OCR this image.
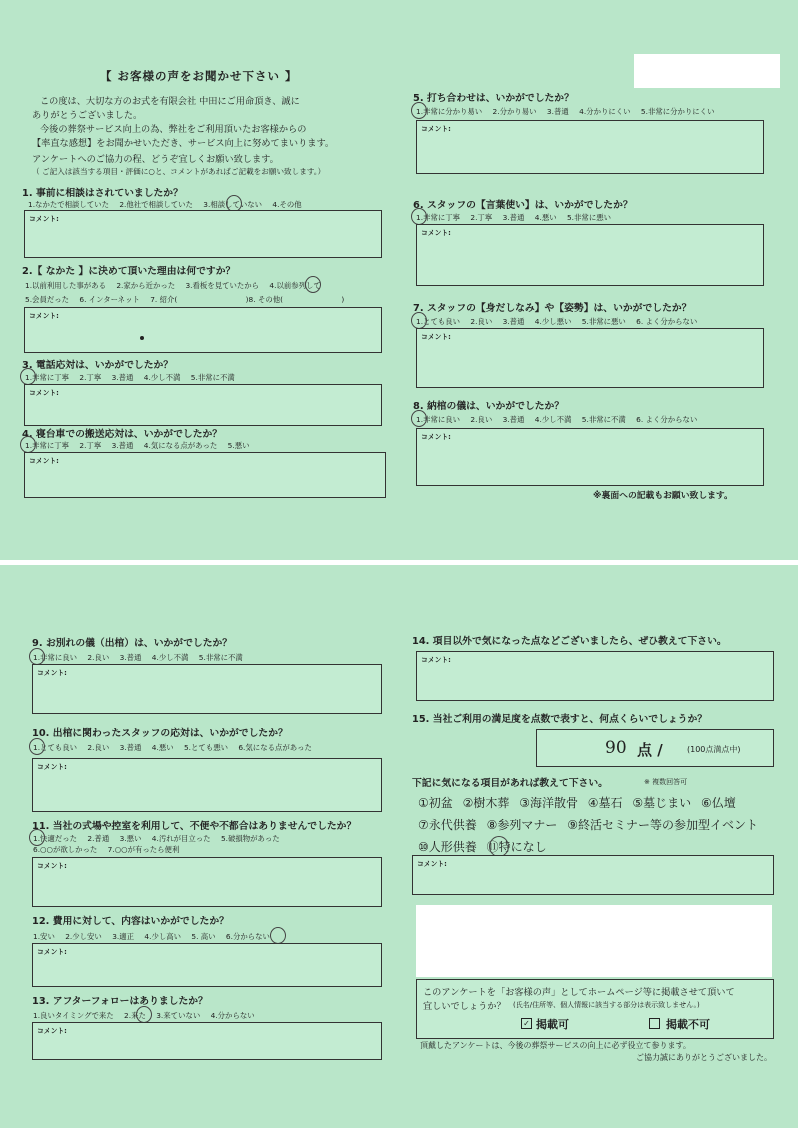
【 お客様の声をお聞かせ下さい 】
この度は、大切な方のお式を有限会社 中田にご用命頂き、誠に
ありがとうございました。
今後の葬祭サービス向上の為、弊社をご利用頂いたお客様からの
【率直な感想】をお聞かせいただき、サービス向上に努めてまいります。
アンケートへのご協力の程、どうぞ宜しくお願い致します。
（ ご記入は該当する項目・評価に○と、コメントがあればご記載をお願い致します。）
1. 事前に相談はされていましたか？
1.なかたで相談していた 2.他社で相談していた 3.相談していない 4.その他
コメント:
2.【 なかた 】に決めて頂いた理由は何ですか？
1.以前利用した事がある 2.家から近かった 3.看板を見ていたから 4.以前参列して
5.会員だった 6. インターネット 7. 紹介(	)8. その他(	)
コメント:
3. 電話応対は、いかがでしたか？
1.非常に丁寧 2.丁寧 3.普通 4.少し不満 5.非常に不満
コメント:
4. 寝台車での搬送応対は、いかがでしたか？
1.非常に丁寧 2.丁寧 3.普通 4.気になる点があった 5.悪い
コメント:
5. 打ち合わせは、いかがでしたか？
1.非常に分かり易い 2.分かり易い 3.普通 4.分かりにくい 5.非常に分かりにくい
コメント:
6. スタッフの【言葉使い】は、いかがでしたか？
1.非常に丁寧 2.丁寧 3.普通 4.悪い 5.非常に悪い
コメント:
7. スタッフの【身だしなみ】や【姿勢】は、いかがでしたか？
1.とても良い 2.良い 3.普通 4.少し悪い 5.非常に悪い 6. よく分からない
コメント:
8. 納棺の儀は、いかがでしたか？
1.非常に良い 2.良い 3.普通 4.少し不満 5.非常に不満 6. よく分からない
コメント:
※裏面への記載もお願い致します。
9. お別れの儀（出棺）は、いかがでしたか？
1.非常に良い 2.良い 3.普通 4.少し不満 5.非常に不満
コメント:
10. 出棺に関わったスタッフの応対は、いかがでしたか？
1.とても良い 2.良い 3.普通 4.悪い 5.とても悪い 6.気になる点があった
コメント:
11. 当社の式場や控室を利用して、不便や不都合はありませんでしたか？
1.快適だった 2.普通 3.悪い 4.汚れが目立った 5.破損物があった
6.○○が欲しかった 7.○○が有ったら便利
コメント:
12. 費用に対して、内容はいかがでしたか？
1.安い 2.少し安い 3.適正 4.少し高い 5. 高い 6.分からない
コメント:
13. アフターフォローはありましたか？
1.良いタイミングで来た 2.来た 3.来ていない 4.分からない
コメント:
14. 項目以外で気になった点などございましたら、ぜひ教えて下さい。
コメント:
15. 当社ご利用の満足度を点数で表すと、何点くらいでしょうか？
90 点 /	(100点満点中)
下記に気になる項目があれば教えて下さい。	※ 複数回答可
①初盆 ②樹木葬 ③海洋散骨 ④墓石 ⑤墓じまい ⑥仏壇
⑦永代供養 ⑧参列マナー ⑨終活セミナー等の参加型イベント
⑩人形供養 ⑪特になし
コメント:
このアンケートを「お客様の声」としてホームページ等に掲載させて頂いて
宜しいでしょうか？ (氏名/住所等、個人情報に該当する部分は表示致しません。)
✓ 掲載可	掲載不可
頂戴したアンケートは、今後の葬祭サービスの向上に必ず役立て参ります。
ご協力誠にありがとうございました。
